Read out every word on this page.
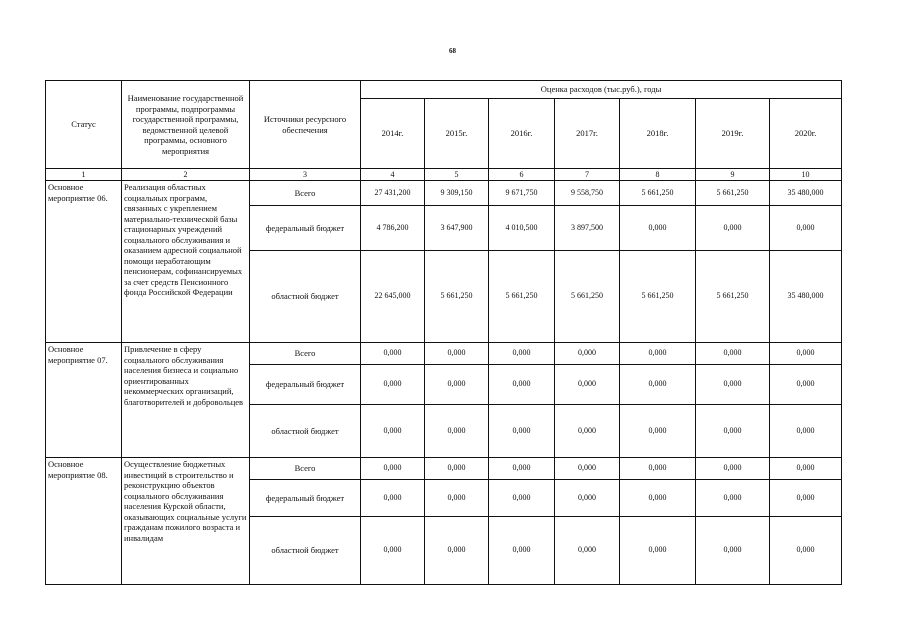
68
Статус	Наименование государственной программы, подпрограммы государственной программы, ведомственной целевой программы, основного мероприятия	Источники ресурсного обеспечения	Оценка расходов (тыс.руб.), годы						
			2014г.	2015г.	2016г.	2017г.	2018г.	2019г.	2020г.
1	2	3	4	5	6	7	8	9	10
Основное мероприятие 06.	Реализация областных социальных программ, связанных с укреплением материально-технической базы стационарных учреждений социального обслуживания и оказанием адресной социальной помощи неработающим пенсионерам, софинансируемых за счет средств Пенсионного фонда Российской Федерации	Всего	27 431,200	9 309,150	9 671,750	9 558,750	5 661,250	5 661,250	35 480,000
		федеральный бюджет	4 786,200	3 647,900	4 010,500	3 897,500	0,000	0,000	0,000
		областной бюджет	22 645,000	5 661,250	5 661,250	5 661,250	5 661,250	5 661,250	35 480,000
Основное мероприятие 07.	Привлечение в сферу социального обслуживания населения бизнеса и социально ориентированных некоммерческих организаций, благотворителей и добровольцев	Всего	0,000	0,000	0,000	0,000	0,000	0,000	0,000
		федеральный бюджет	0,000	0,000	0,000	0,000	0,000	0,000	0,000
		областной бюджет	0,000	0,000	0,000	0,000	0,000	0,000	0,000
Основное мероприятие 08.	Осуществление бюджетных инвестиций в строительство и реконструкцию объектов социального обслуживания населения Курской области, оказывающих социальные услуги гражданам пожилого возраста и инвалидам	Всего	0,000	0,000	0,000	0,000	0,000	0,000	0,000
		федеральный бюджет	0,000	0,000	0,000	0,000	0,000	0,000	0,000
		областной бюджет	0,000	0,000	0,000	0,000	0,000	0,000	0,000
